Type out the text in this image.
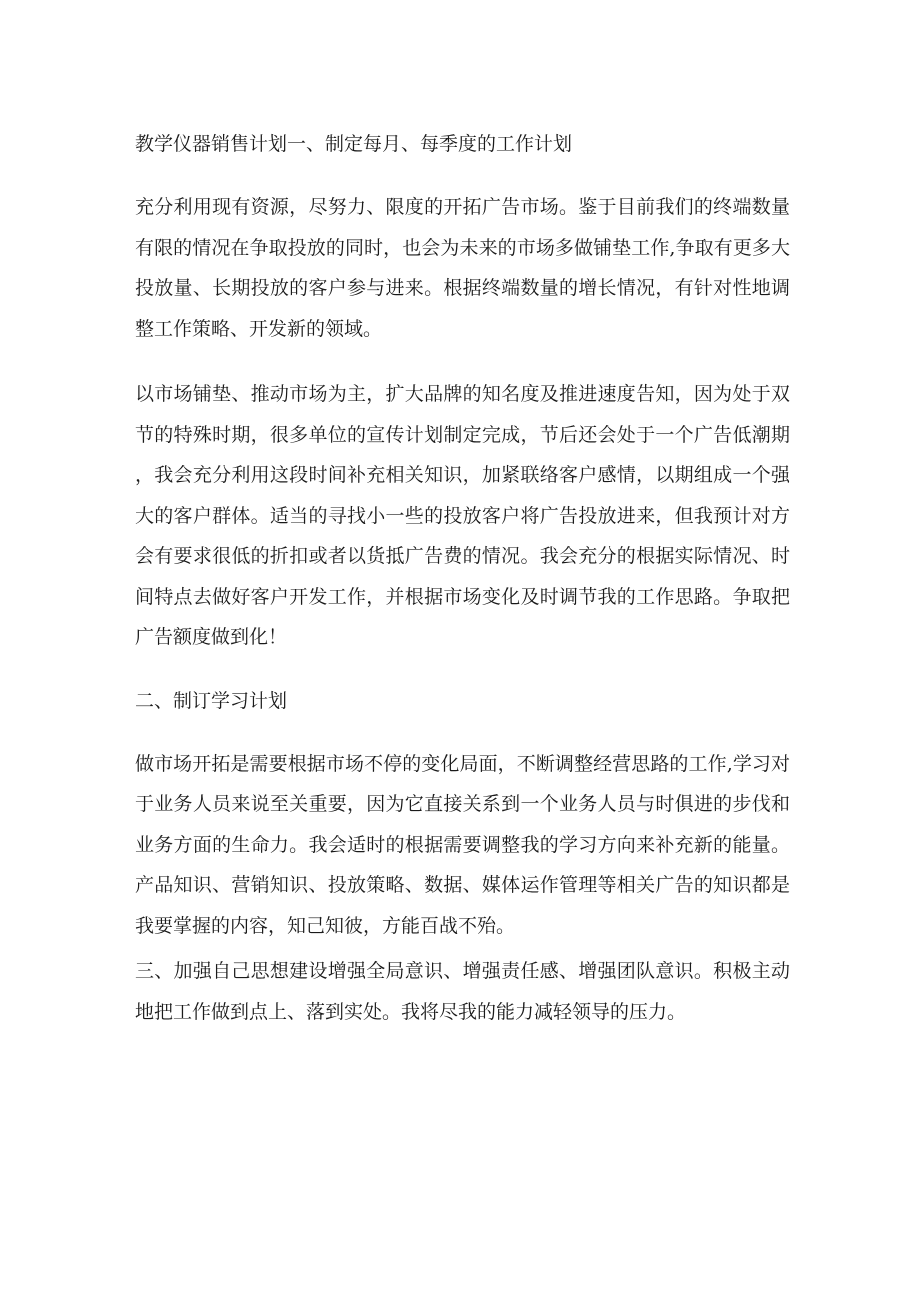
教学仪器销售计划一、制定每月、每季度的工作计划

充分利用现有资源，尽努力、限度的开拓广告市场。鉴于目前我们的终端数量有限的情况在争取投放的同时，也会为未来的市场多做铺垫工作,争取有更多大投放量、长期投放的客户参与进来。根据终端数量的增长情况，有针对性地调整工作策略、开发新的领域。

以市场铺垫、推动市场为主，扩大品牌的知名度及推进速度告知，因为处于双节的特殊时期，很多单位的宣传计划制定完成，节后还会处于一个广告低潮期，我会充分利用这段时间补充相关知识，加紧联络客户感情，以期组成一个强大的客户群体。适当的寻找小一些的投放客户将广告投放进来，但我预计对方会有要求很低的折扣或者以货抵广告费的情况。我会充分的根据实际情况、时间特点去做好客户开发工作，并根据市场变化及时调节我的工作思路。争取把广告额度做到化！

二、制订学习计划

做市场开拓是需要根据市场不停的变化局面，不断调整经营思路的工作,学习对于业务人员来说至关重要，因为它直接关系到一个业务人员与时俱进的步伐和业务方面的生命力。我会适时的根据需要调整我的学习方向来补充新的能量。产品知识、营销知识、投放策略、数据、媒体运作管理等相关广告的知识都是我要掌握的内容，知己知彼，方能百战不殆。

三、加强自己思想建设增强全局意识、增强责任感、增强团队意识。积极主动地把工作做到点上、落到实处。我将尽我的能力减轻领导的压力。
